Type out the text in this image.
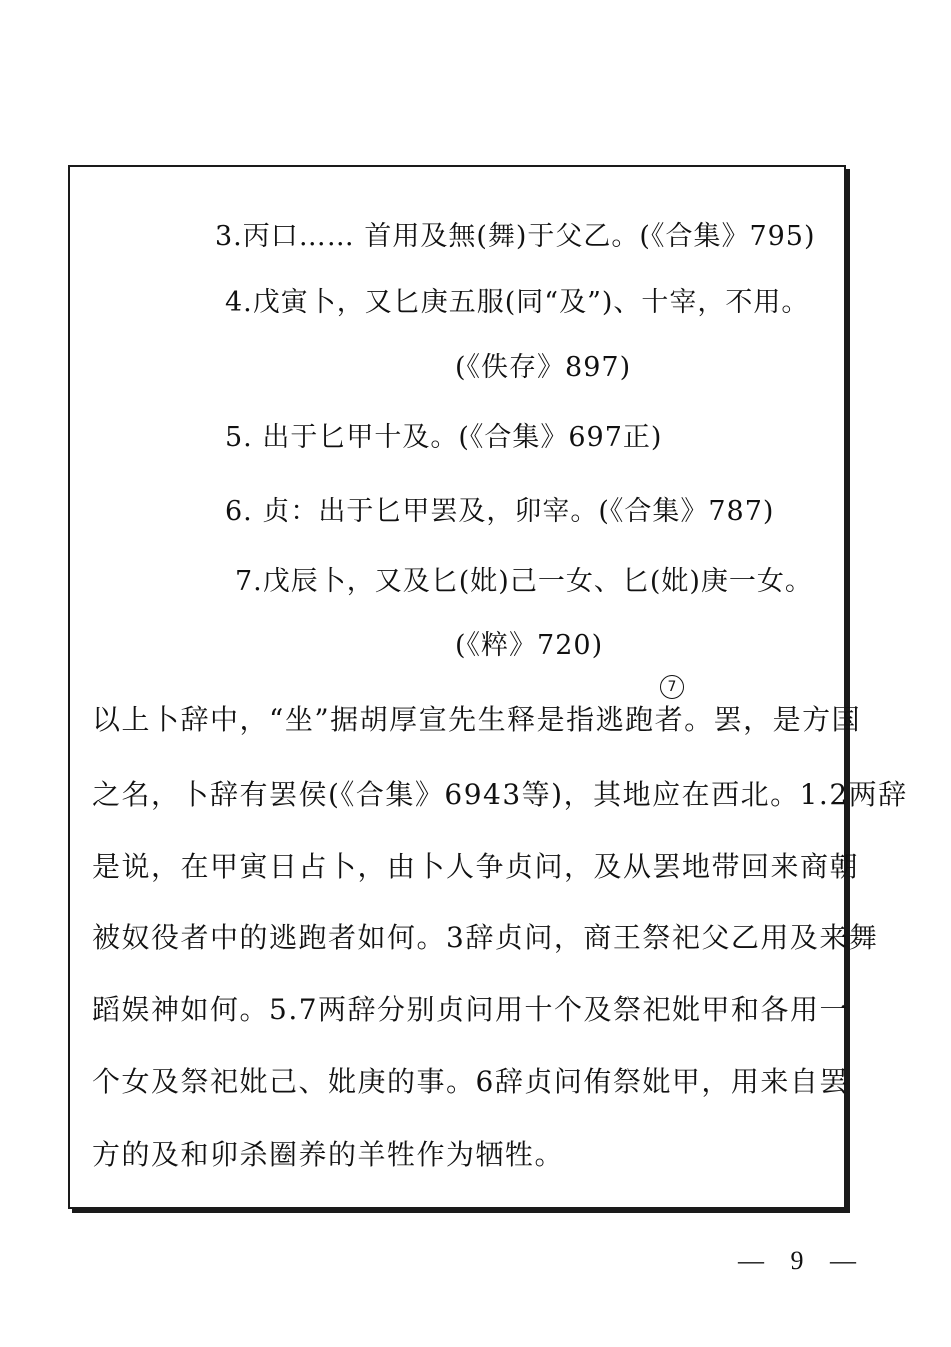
3.丙口…… 首用及無(舞)于父乙。(《合集》795)
4.戊寅卜，又匕庚五服(同“及”)、十宰，不用。
(《佚存》897)
5. 出于匕甲十及。(《合集》697正)
6. 贞：出于匕甲罢及，卯宰。(《合集》787)
7.戊辰卜，又及匕(妣)己一女、匕(妣)庚一女。
(《粹》720)
7
以上卜辞中，“坐”据胡厚宣先生释是指逃跑者。罢，是方国
之名，卜辞有罢侯(《合集》6943等)，其地应在西北。1.2两辞
是说，在甲寅日占卜，由卜人争贞问，及从罢地带回来商朝
被奴役者中的逃跑者如何。3辞贞问，商王祭祀父乙用及来舞
蹈娱神如何。5.7两辞分别贞问用十个及祭祀妣甲和各用一
个女及祭祀妣己、妣庚的事。6辞贞问侑祭妣甲，用来自罢
方的及和卯杀圈养的羊牲作为牺牲。
— 9 —
